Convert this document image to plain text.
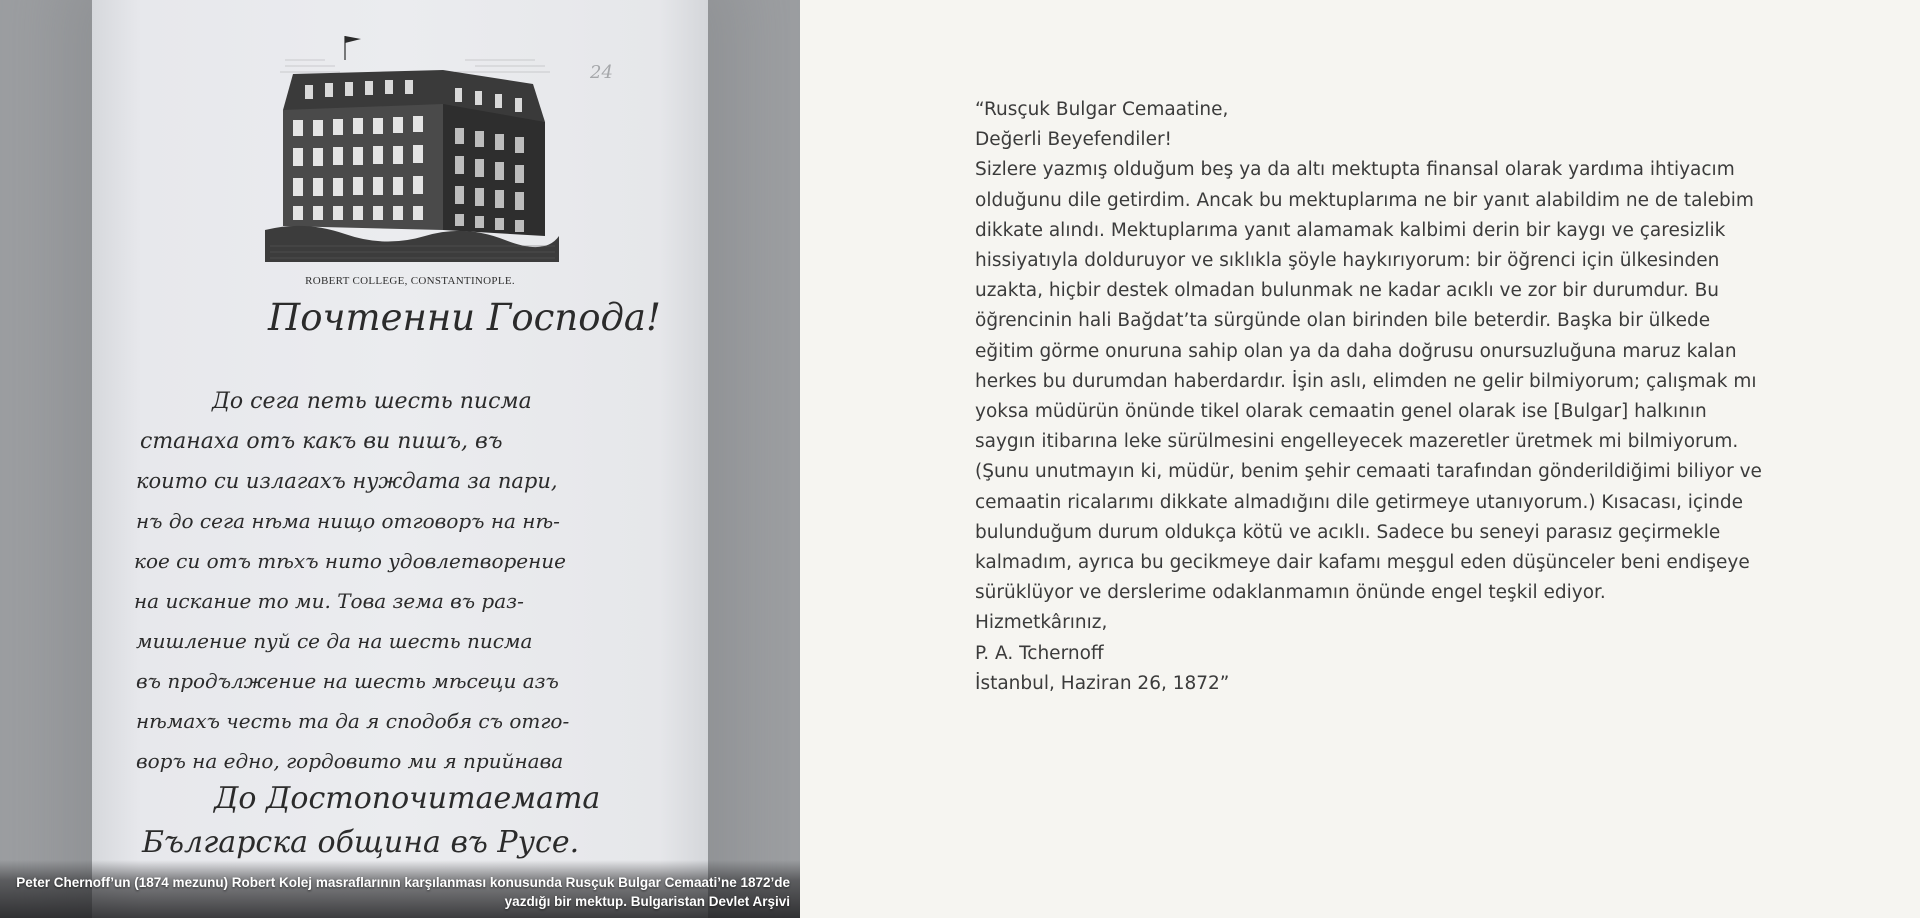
24
ROBERT COLLEGE, CONSTANTINOPLE.
Почтенни Господа!
До сега петь шесть писма
станаха отъ какъ ви пишъ, въ
които си излагахъ нуждата за пари,
нъ до сега нѣма нищо отговоръ на нѣ-
кое си отъ тѣхъ нито удовлетворение
на искание то ми. Това зема въ раз-
мишление пуй се да на шесть писма
въ продължение на шесть мѣсеци азъ
нѣмахъ честь та да я сподобя съ отго-
воръ на едно, гордовито ми я прийнава
До Достопочитаемата
Българска община въ Русе.
Peter Chernoff’un (1874 mezunu) Robert Kolej masraflarının karşılanması konusunda Rusçuk Bulgar Cemaati’ne 1872’de yazdığı bir mektup. Bulgaristan Devlet Arşivi

“Rusçuk Bulgar Cemaatine,

Değerli Beyefendiler!

Sizlere yazmış olduğum beş ya da altı mektupta finansal olarak yardıma ihtiyacım olduğunu dile getirdim. Ancak bu mektuplarıma ne bir yanıt alabildim ne de talebim dikkate alındı. Mektuplarıma yanıt alamamak kalbimi derin bir kaygı ve çaresizlik hissiyatıyla dolduruyor ve sıklıkla şöyle haykırıyorum: bir öğrenci için ülkesinden uzakta, hiçbir destek olmadan bulunmak ne kadar acıklı ve zor bir durumdur. Bu öğrencinin hali Bağdat’ta sürgünde olan birinden bile beterdir. Başka bir ülkede eğitim görme onuruna sahip olan ya da daha doğrusu onursuzluğuna maruz kalan herkes bu durumdan haberdardır. İşin aslı, elimden ne gelir bilmiyorum; çalışmak mı yoksa müdürün önünde tikel olarak cemaatin genel olarak ise [Bulgar] halkının saygın itibarına leke sürülmesini engelleyecek mazeretler üretmek mi bilmiyorum. (Şunu unutmayın ki, müdür, benim şehir cemaati tarafından gönderildiğimi biliyor ve cemaatin ricalarımı dikkate almadığını dile getirmeye utanıyorum.) Kısacası, içinde bulunduğum durum oldukça kötü ve acıklı. Sadece bu seneyi parasız geçirmekle kalmadım, ayrıca bu gecikmeye dair kafamı meşgul eden düşünceler beni endişeye sürüklüyor ve derslerime odaklanmamın önünde engel teşkil ediyor.

Hizmetkârınız,

P. A. Tchernoff

İstanbul, Haziran 26, 1872”
